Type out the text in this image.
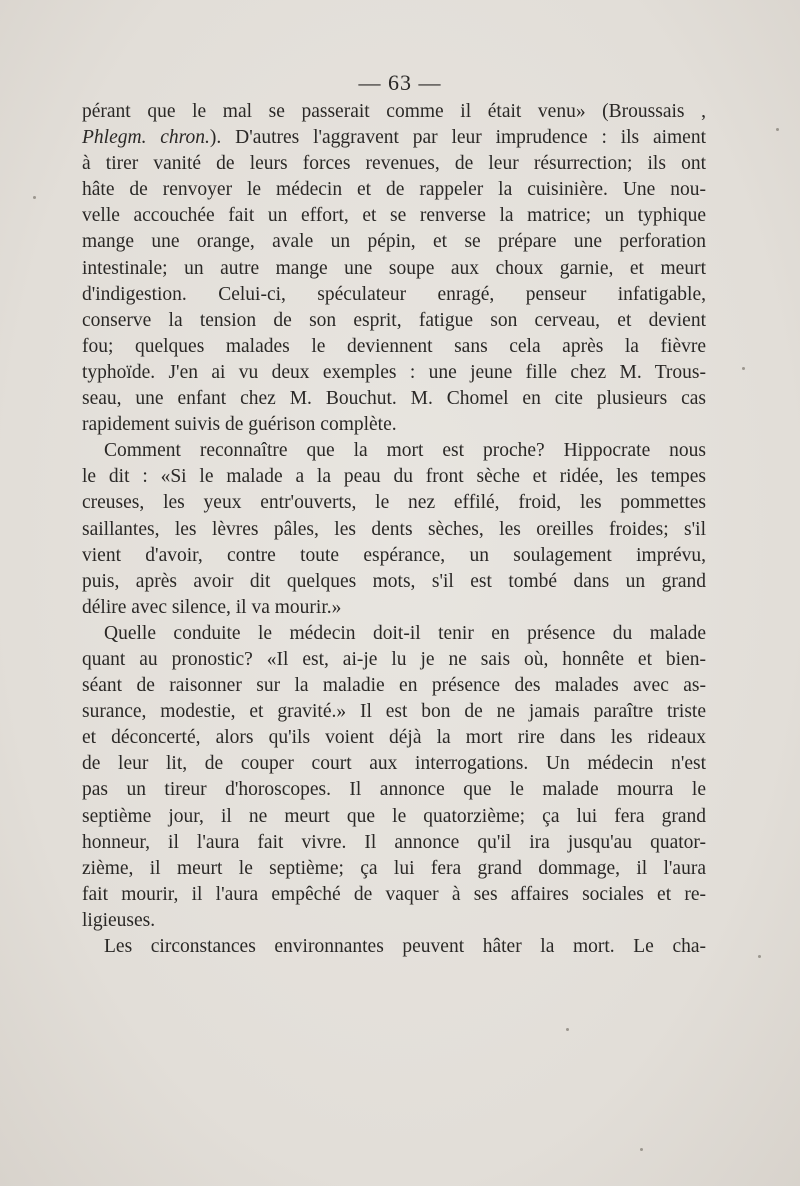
— 63 —
pérant que le mal se passerait comme il était venu» (Broussais ,
Phlegm. chron.). D'autres l'aggravent par leur imprudence : ils aiment
à tirer vanité de leurs forces revenues, de leur résurrection; ils ont
hâte de renvoyer le médecin et de rappeler la cuisinière. Une nou-
velle accouchée fait un effort, et se renverse la matrice; un typhique
mange une orange, avale un pépin, et se prépare une perforation
intestinale; un autre mange une soupe aux choux garnie, et meurt
d'indigestion. Celui-ci, spéculateur enragé, penseur infatigable,
conserve la tension de son esprit, fatigue son cerveau, et devient
fou; quelques malades le deviennent sans cela après la fièvre
typhoïde. J'en ai vu deux exemples : une jeune fille chez M. Trous-
seau, une enfant chez M. Bouchut. M. Chomel en cite plusieurs cas
rapidement suivis de guérison complète.
Comment reconnaître que la mort est proche? Hippocrate nous
le dit : «Si le malade a la peau du front sèche et ridée, les tempes
creuses, les yeux entr'ouverts, le nez effilé, froid, les pommettes
saillantes, les lèvres pâles, les dents sèches, les oreilles froides; s'il
vient d'avoir, contre toute espérance, un soulagement imprévu,
puis, après avoir dit quelques mots, s'il est tombé dans un grand
délire avec silence, il va mourir.»
Quelle conduite le médecin doit-il tenir en présence du malade
quant au pronostic? «Il est, ai-je lu je ne sais où, honnête et bien-
séant de raisonner sur la maladie en présence des malades avec as-
surance, modestie, et gravité.» Il est bon de ne jamais paraître triste
et déconcerté, alors qu'ils voient déjà la mort rire dans les rideaux
de leur lit, de couper court aux interrogations. Un médecin n'est
pas un tireur d'horoscopes. Il annonce que le malade mourra le
septième jour, il ne meurt que le quatorzième; ça lui fera grand
honneur, il l'aura fait vivre. Il annonce qu'il ira jusqu'au quator-
zième, il meurt le septième; ça lui fera grand dommage, il l'aura
fait mourir, il l'aura empêché de vaquer à ses affaires sociales et re-
ligieuses.
Les circonstances environnantes peuvent hâter la mort. Le cha-
